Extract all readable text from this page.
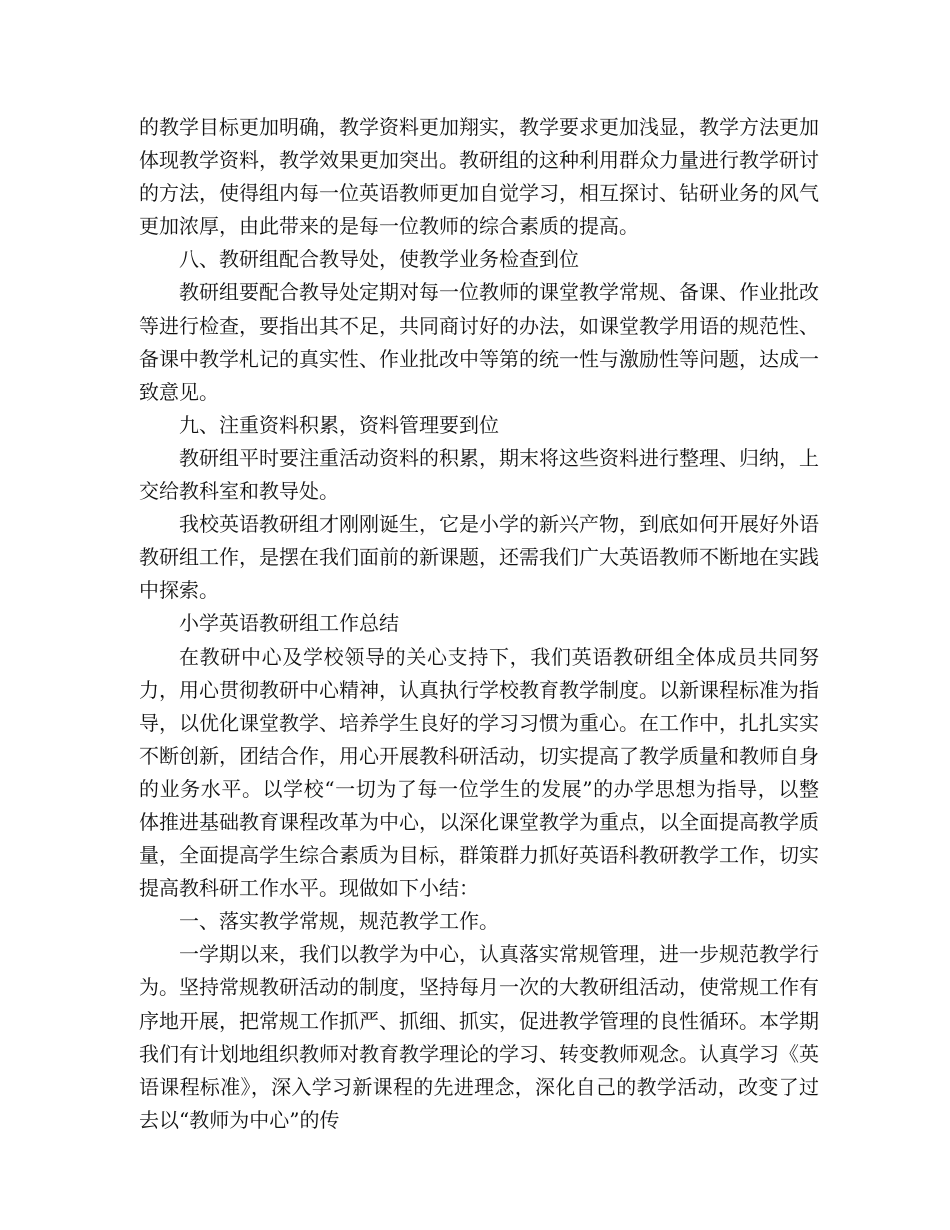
的教学目标更加明确，教学资料更加翔实，教学要求更加浅显，教学方法更加体现教学资料，教学效果更加突出。教研组的这种利用群众力量进行教学研讨的方法，使得组内每一位英语教师更加自觉学习，相互探讨、钻研业务的风气更加浓厚，由此带来的是每一位教师的综合素质的提高。

八、教研组配合教导处，使教学业务检查到位

教研组要配合教导处定期对每一位教师的课堂教学常规、备课、作业批改等进行检查，要指出其不足，共同商讨好的办法，如课堂教学用语的规范性、备课中教学札记的真实性、作业批改中等第的统一性与激励性等问题，达成一致意见。

九、注重资料积累，资料管理要到位

教研组平时要注重活动资料的积累，期末将这些资料进行整理、归纳，上交给教科室和教导处。

我校英语教研组才刚刚诞生，它是小学的新兴产物，到底如何开展好外语教研组工作，是摆在我们面前的新课题，还需我们广大英语教师不断地在实践中探索。

小学英语教研组工作总结

在教研中心及学校领导的关心支持下，我们英语教研组全体成员共同努力，用心贯彻教研中心精神，认真执行学校教育教学制度。以新课程标准为指导，以优化课堂教学、培养学生良好的学习习惯为重心。在工作中，扎扎实实不断创新，团结合作，用心开展教科研活动，切实提高了教学质量和教师自身的业务水平。以学校“一切为了每一位学生的发展”的办学思想为指导，以整体推进基础教育课程改革为中心，以深化课堂教学为重点，以全面提高教学质量，全面提高学生综合素质为目标，群策群力抓好英语科教研教学工作，切实提高教科研工作水平。现做如下小结：

一、落实教学常规，规范教学工作。

一学期以来，我们以教学为中心，认真落实常规管理，进一步规范教学行为。坚持常规教研活动的制度，坚持每月一次的大教研组活动，使常规工作有序地开展，把常规工作抓严、抓细、抓实，促进教学管理的良性循环。本学期我们有计划地组织教师对教育教学理论的学习、转变教师观念。认真学习《英语课程标准》，深入学习新课程的先进理念，深化自己的教学活动，改变了过去以“教师为中心”的传
